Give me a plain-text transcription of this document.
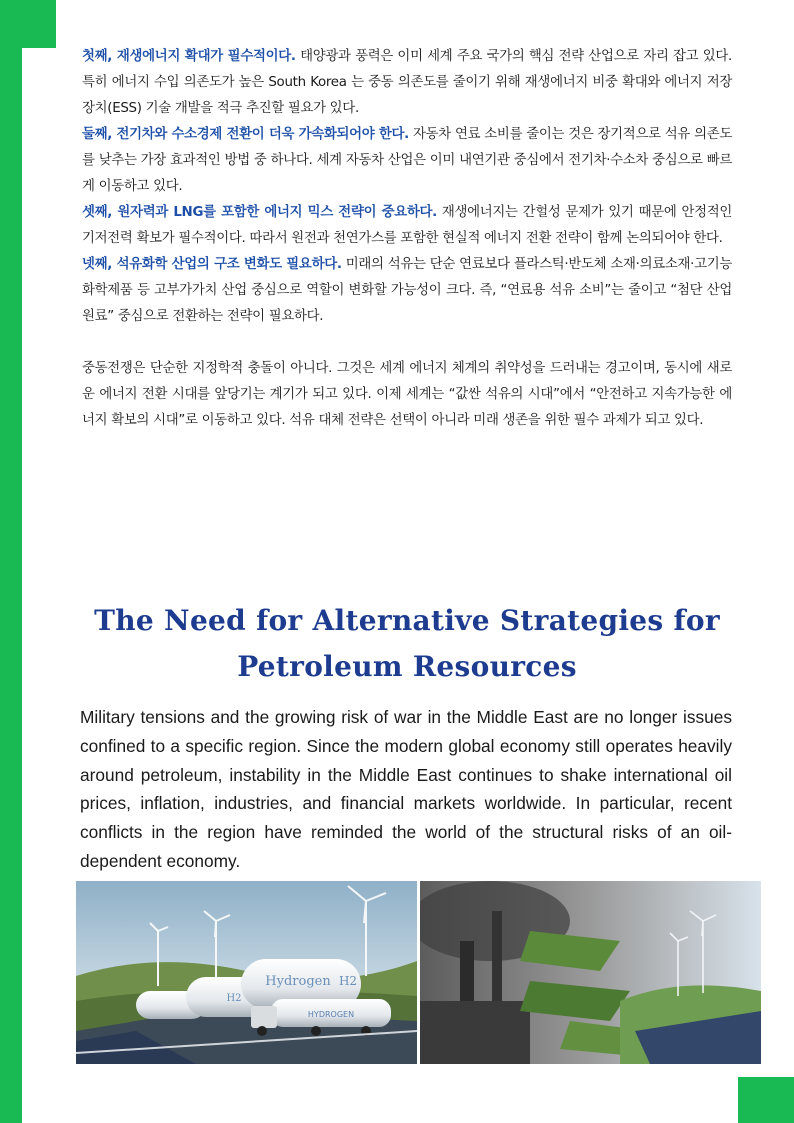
첫째, 재생에너지 확대가 필수적이다. 태양광과 풍력은 이미 세계 주요 국가의 핵심 전략 산업으로 자리 잡고 있다. 특히 에너지 수입 의존도가 높은 South Korea 는 중동 의존도를 줄이기 위해 재생에너지 비중 확대와 에너지 저장장치(ESS) 기술 개발을 적극 추진할 필요가 있다.

둘째, 전기차와 수소경제 전환이 더욱 가속화되어야 한다. 자동차 연료 소비를 줄이는 것은 장기적으로 석유 의존도를 낮추는 가장 효과적인 방법 중 하나다. 세계 자동차 산업은 이미 내연기관 중심에서 전기차·수소차 중심으로 빠르게 이동하고 있다.

셋째, 원자력과 LNG를 포함한 에너지 믹스 전략이 중요하다. 재생에너지는 간헐성 문제가 있기 때문에 안정적인 기저전력 확보가 필수적이다. 따라서 원전과 천연가스를 포함한 현실적 에너지 전환 전략이 함께 논의되어야 한다.

넷째, 석유화학 산업의 구조 변화도 필요하다. 미래의 석유는 단순 연료보다 플라스틱·반도체 소재·의료소재·고기능 화학제품 등 고부가가치 산업 중심으로 역할이 변화할 가능성이 크다. 즉, “연료용 석유 소비”는 줄이고 “첨단 산업 원료” 중심으로 전환하는 전략이 필요하다.

중동전쟁은 단순한 지정학적 충돌이 아니다. 그것은 세계 에너지 체계의 취약성을 드러내는 경고이며, 동시에 새로운 에너지 전환 시대를 앞당기는 계기가 되고 있다. 이제 세계는 “값싼 석유의 시대”에서 “안전하고 지속가능한 에너지 확보의 시대”로 이동하고 있다. 석유 대체 전략은 선택이 아니라 미래 생존을 위한 필수 과제가 되고 있다.

The Need for Alternative Strategies for Petroleum Resources

Military tensions and the growing risk of war in the Middle East are no longer issues confined to a specific region. Since the modern global economy still operates heavily around petroleum, instability in the Middle East continues to shake international oil prices, inflation, industries, and financial markets worldwide. In particular, recent conflicts in the region have reminded the world of the structural risks of an oil-dependent economy.

Hydrogen H2
H2
HYDROGEN
